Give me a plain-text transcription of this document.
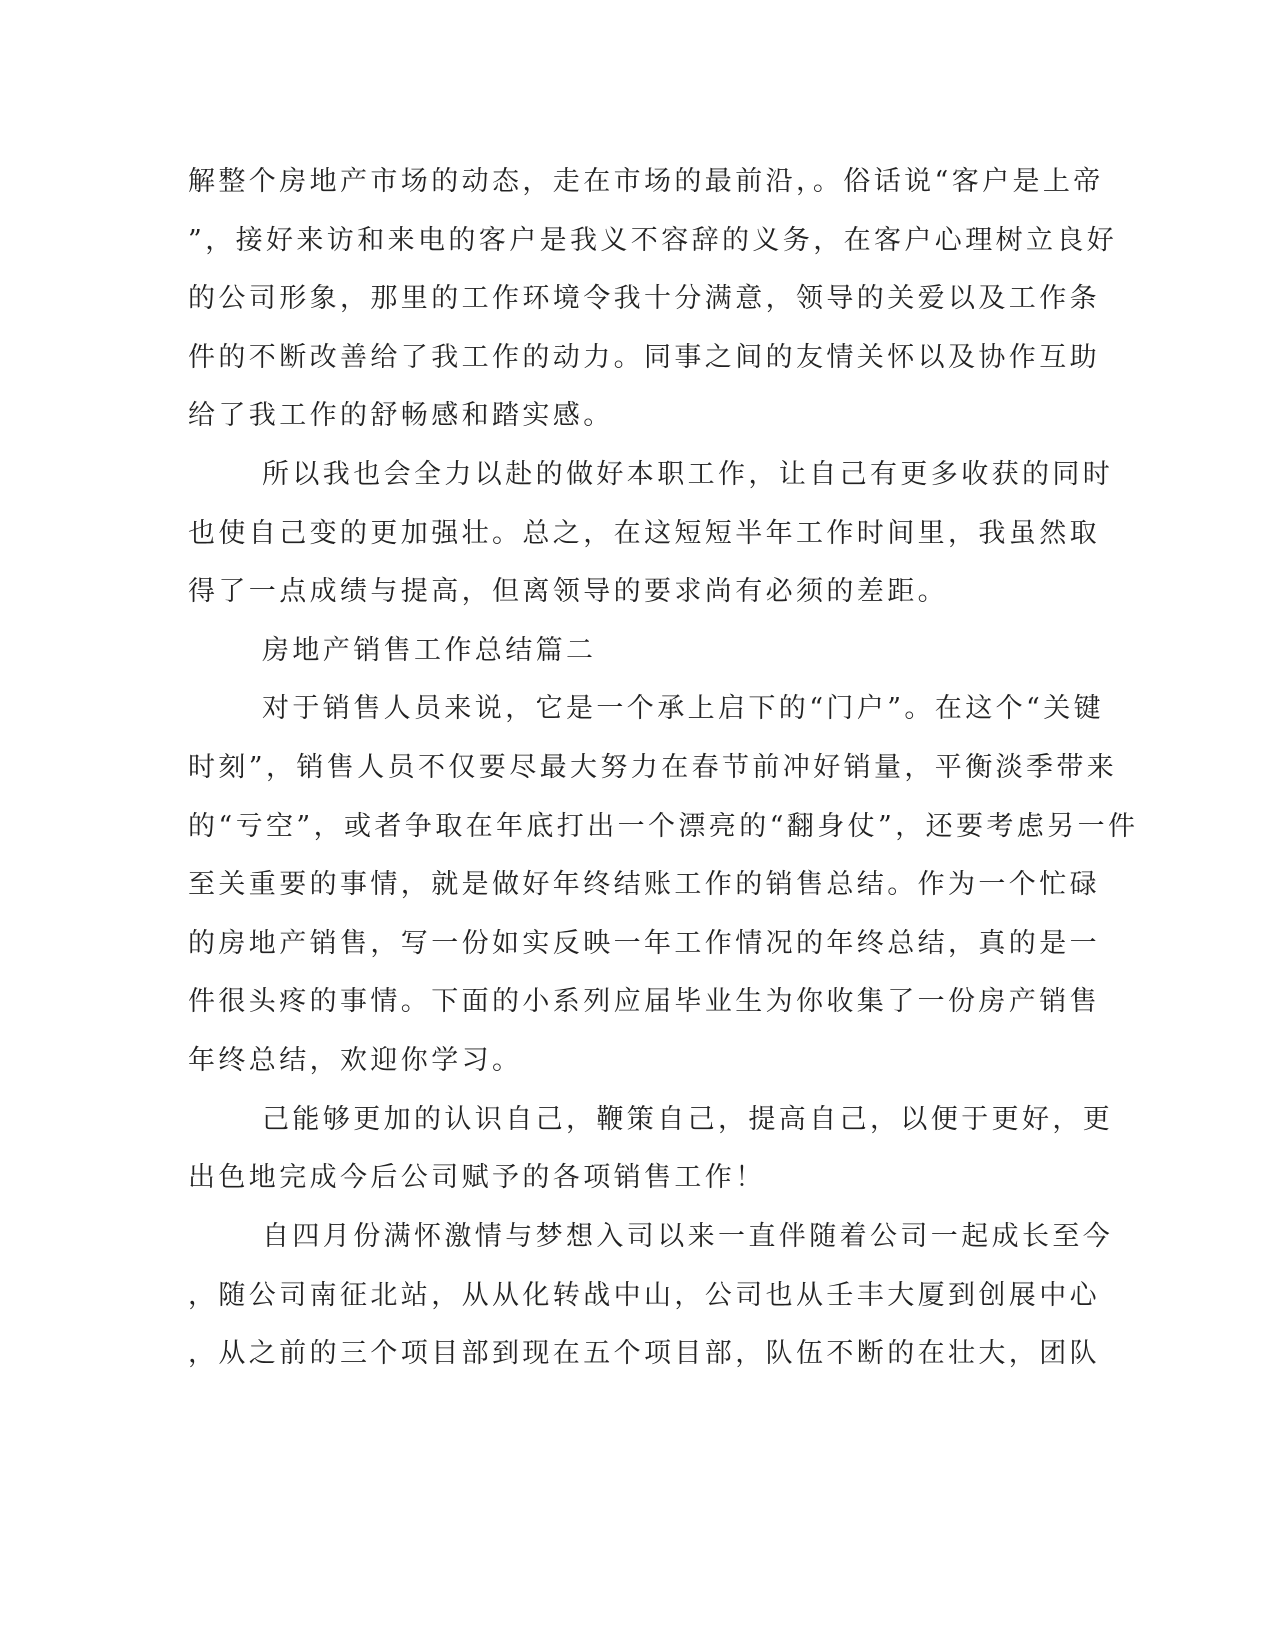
解整个房地产市场的动态，走在市场的最前沿，。俗话说“客户是上帝
”，接好来访和来电的客户是我义不容辞的义务，在客户心理树立良好
的公司形象，那里的工作环境令我十分满意，领导的关爱以及工作条
件的不断改善给了我工作的动力。同事之间的友情关怀以及协作互助
给了我工作的舒畅感和踏实感。
所以我也会全力以赴的做好本职工作，让自己有更多收获的同时
也使自己变的更加强壮。总之，在这短短半年工作时间里，我虽然取
得了一点成绩与提高，但离领导的要求尚有必须的差距。
房地产销售工作总结篇二
对于销售人员来说，它是一个承上启下的“门户”。在这个“关键
时刻”，销售人员不仅要尽最大努力在春节前冲好销量，平衡淡季带来
的“亏空”，或者争取在年底打出一个漂亮的“翻身仗”，还要考虑另一件
至关重要的事情，就是做好年终结账工作的销售总结。作为一个忙碌
的房地产销售，写一份如实反映一年工作情况的年终总结，真的是一
件很头疼的事情。下面的小系列应届毕业生为你收集了一份房产销售
年终总结，欢迎你学习。
己能够更加的认识自己，鞭策自己，提高自己，以便于更好，更
出色地完成今后公司赋予的各项销售工作！
自四月份满怀激情与梦想入司以来一直伴随着公司一起成长至今
，随公司南征北站，从从化转战中山，公司也从壬丰大厦到创展中心
，从之前的三个项目部到现在五个项目部，队伍不断的在壮大，团队
